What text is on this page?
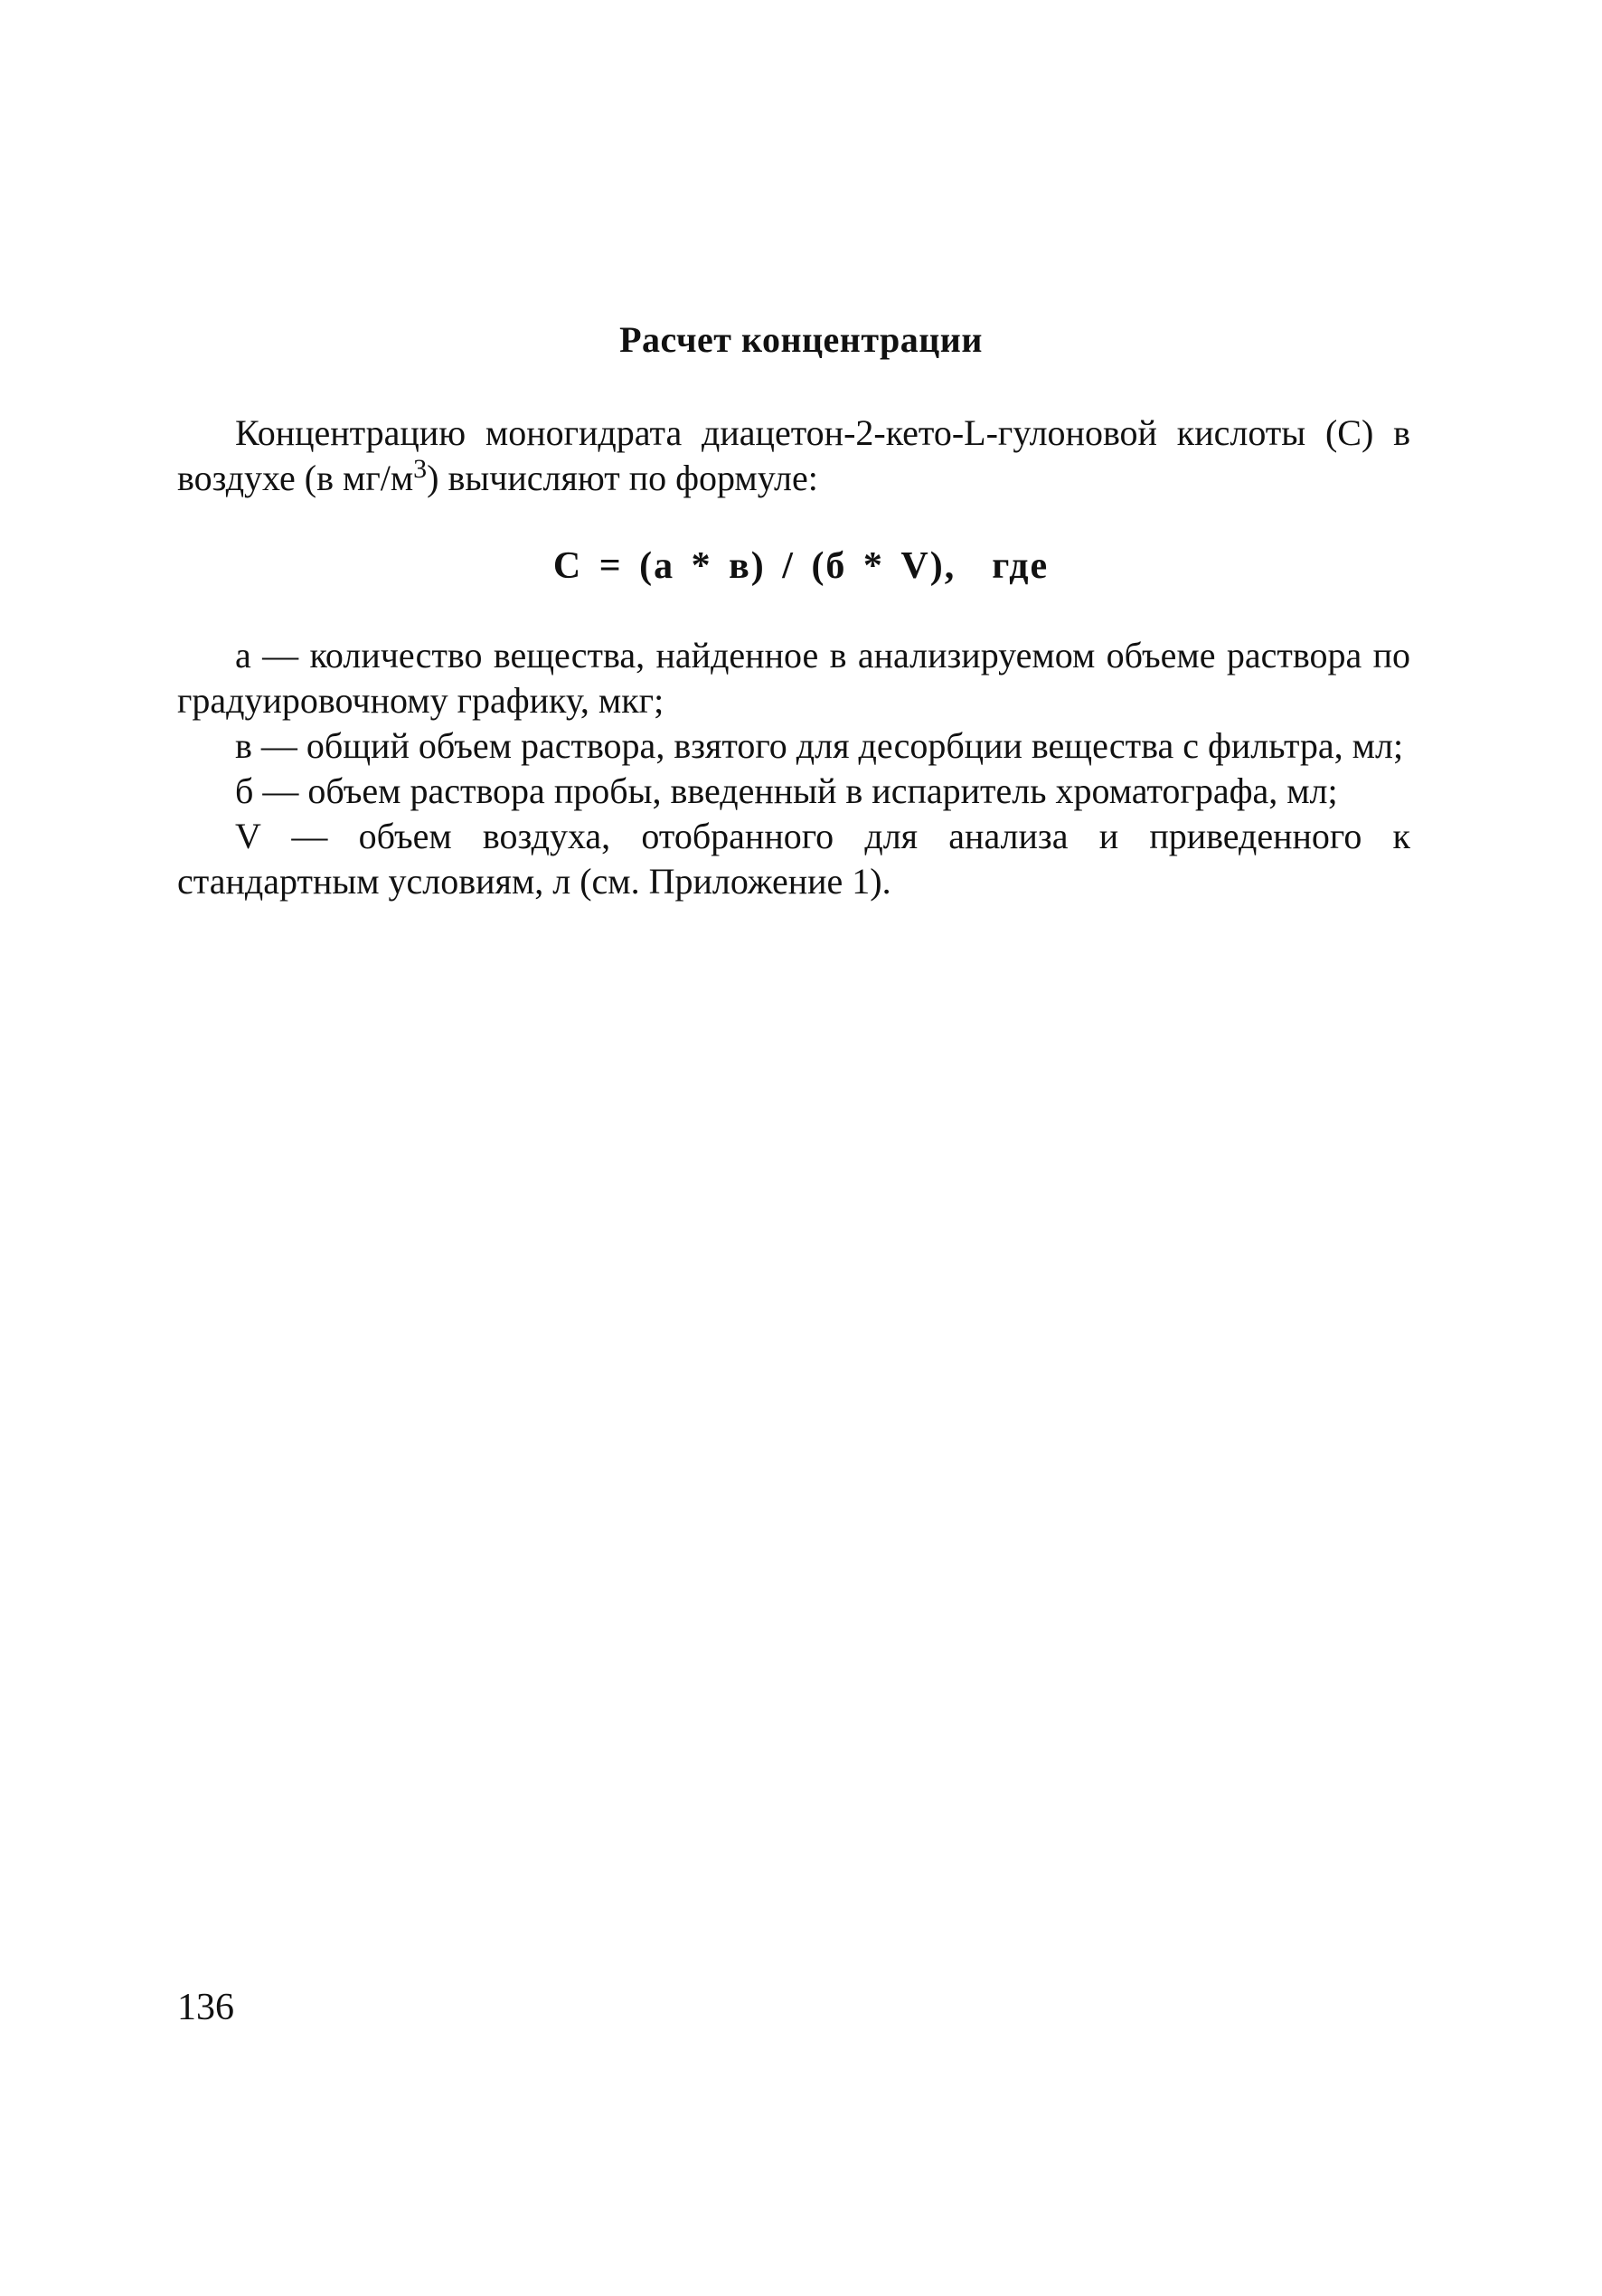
Расчет концентрации
Концентрацию моногидрата диацетон-2-кето-L-гулоновой кислоты (С) в воздухе (в $мг/м^3$) вычисляют по формуле:
С = (а * в) / (б * V), где

а — количество вещества, найденное в анализируемом объеме раствора по градуировочному графику, мкг;

в — общий объем раствора, взятого для десорбции вещества с фильтра, мл;

б — объем раствора пробы, введенный в испаритель хроматографа, мл;

V — объем воздуха, отобранного для анализа и приведенного к стандартным условиям, л (см. Приложение 1).

136
